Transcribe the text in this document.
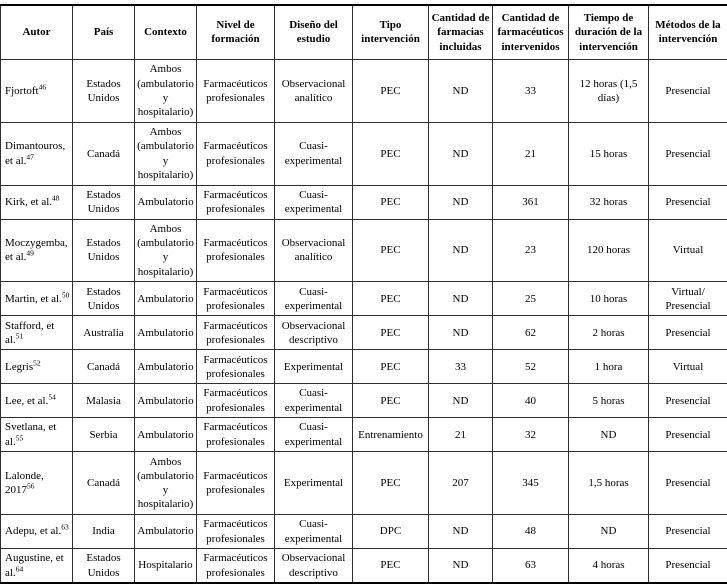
Autor	País	Contexto	Nivel de formación	Diseño del estudio	Tipo intervención	Cantidad de farmacias incluidas	Cantidad de farmacéuticos intervenidos	Tiempo de duración de la intervención	Métodos de la intervención
Fjortoft$^{46}$	Estados Unidos	Ambos (ambulatorio y hospitalario)	Farmacéuticos profesionales	Observacional analítico	PEC	ND	33	12 horas (1,5 días)	Presencial
Dimantouros, et al.$^{47}$	Canadá	Ambos (ambulatorio y hospitalario)	Farmacéuticos profesionales	Cuasi-experimental	PEC	ND	21	15 horas	Presencial
Kirk, et al.$^{48}$	Estados Unidos	Ambulatorio	Farmacéuticos profesionales	Cuasi-experimental	PEC	ND	361	32 horas	Presencial
Moczygemba, et al.$^{49}$	Estados Unidos	Ambos (ambulatorio y hospitalario)	Farmacéuticos profesionales	Observacional analítico	PEC	ND	23	120 horas	Virtual
Martin, et al.$^{50}$	Estados Unidos	Ambulatorio	Farmacéuticos profesionales	Cuasi-experimental	PEC	ND	25	10 horas	Virtual/ Presencial
Stafford, et al.$^{51}$	Australia	Ambulatorio	Farmacéuticos profesionales	Observacional descriptivo	PEC	ND	62	2 horas	Presencial
Legris$^{52}$	Canadá	Ambulatorio	Farmacéuticos profesionales	Experimental	PEC	33	52	1 hora	Virtual
Lee, et al.$^{54}$	Malasia	Ambulatorio	Farmacéuticos profesionales	Cuasi-experimental	PEC	ND	40	5 horas	Presencial
Svetlana, et al.$^{55}$	Serbia	Ambulatorio	Farmacéuticos profesionales	Cuasi-experimental	Entrenamiento	21	32	ND	Presencial
Lalonde, 2017$^{56}$	Canadá	Ambos (ambulatorio y hospitalario)	Farmacéuticos profesionales	Experimental	PEC	207	345	1,5 horas	Presencial
Adepu, et al.$^{63}$	India	Ambulatorio	Farmacéuticos profesionales	Cuasi-experimental	DPC	ND	48	ND	Presencial
Augustine, et al.$^{64}$	Estados Unidos	Hospitalario	Farmacéuticos profesionales	Observacional descriptivo	PEC	ND	63	4 horas	Presencial
